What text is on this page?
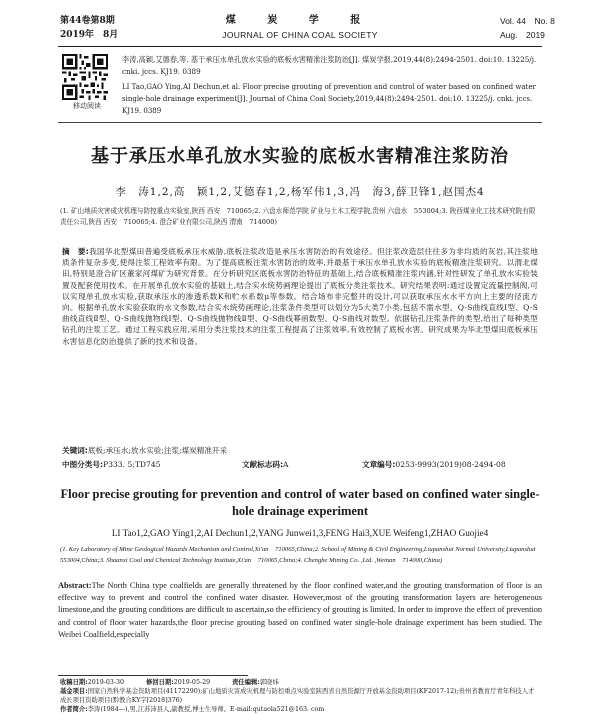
第44卷第8期
2019年　8月
煤 炭 学 报
JOURNAL OF CHINA COAL SOCIETY
Vol. 44　No. 8
Aug.　2019
移动阅读
李涛,高颖,艾德春,等. 基于承压水单孔放水实验的底板水害精准注浆防治[J]. 煤炭学报,2019,44(8):2494-2501. doi:10. 13225/j. cnki. jccs. KJ19. 0389
LI Tao,GAO Ying,AI Dechun,et al. Floor precise grouting of prevention and control of water based on confined water single-hole drainage experiment[J]. Journal of China Coal Society,2019,44(8):2494-2501. doi:10. 13225/j. cnki. jccs. KJ19. 0389
基于承压水单孔放水实验的底板水害精准注浆防治
李　涛1,2,高　颖1,2,艾德春1,2,杨军伟1,3,冯　海3,薛卫锋1,赵国杰4
(1. 矿山地质灾害成灾机理与防控重点实验室,陕西 西安　710065;2. 六盘水师范学院 矿业与土木工程学院,贵州 六盘水　553004;3. 陕西煤业化工技术研究院有限责任公司,陕西 西安　710065;4. 澄合矿业有限公司,陕西 渭南　714000)
摘　要:我国华北型煤田普遍受底板承压水威胁,底板注浆改造是承压水害防治的有效途径。但注浆改造层往往多为非均质的灰岩,其注浆地质条件复杂多变,使得注浆工程效率有限。为了提高底板注浆水害防治的效率,并最基于承压水单孔放水实验的底板精准注浆研究。以渭北煤田,特别是澄合矿区董家河煤矿为研究背景。在分析研究区底板水害防治特征的基础上,结合底板精准注浆内涵,针对性研发了单孔放水实验装置及配套使用技术。在开展单孔放水实验的基础上,结合实水统势画理论提出了底板分类注浆技术。研究结果表明:通过设置定流量控制阀,可以实现单孔放水实验,获取承压水的渗透系数K和贮水系数μ等参数。结合场布非完整井的设计,可以获取承压水水平方向上主要的径流方向。根据单孔放水实验获取的水文参数,结合实水统势画理论,注浆条件类型可以划分为5大类7小类,包括不需水型、Q-S曲线直线Ⅰ型、Q-S曲线直线Ⅱ型、Q-S曲线抛物线Ⅰ型、Q-S曲线抛物线Ⅱ型、Q-S曲线幂函数型、Q-S曲线对数型。依据钻孔注浆条件的类型,给出了每种类型钻孔的注浆工艺。通过工程实践应用,采用分类注浆技术的注浆工程提高了注浆效率,有效控制了底板水害。研究成果为华北型煤田底板承压水害信息化防治提供了新的技术和设备。
关键词:底板;承压水;放水实验;注浆;煤炭精准开采
中图分类号:P333. 5;TD745	文献标志码:A	文章编号:0253-9993(2019)08-2494-08
Floor precise grouting for prevention and control of water based on confined water single-hole drainage experiment
LI Tao1,2,GAO Ying1,2,AI Dechun1,2,YANG Junwei1,3,FENG Hai3,XUE Weifeng1,ZHAO Guojie4
(1. Key Laboratory of Mine Geological Hazards Mechanism and Control,Xi'an　710065,China;2. School of Mining & Civil Engineering,Liupanshui Normal University,Liupanshui　553004,China;3. Shaanxi Coal and Chemical Technology Institute,Xi'an　710065,China;4. Chenghe Mining Co. ,Ltd. ,Weinan　714000,China)
Abstract:The North China type coalfields are generally threatened by the floor confined water,and the grouting transformation of floor is an effective way to prevent and control the confined water disaster. However,most of the grouting transformation layers are heterogeneous limestone,and the grouting conditions are difficult to ascertain,so the efficiency of grouting is limited. In order to improve the effect of prevention and control of floor water hazards,the floor precise grouting based on confined water single-hole drainage experiment has been studied. The Weibei Coalfield,especially
收稿日期:2019-03-30	修回日期:2019-05-29	责任编辑:郭晓炜
基金项目:国家自然科学基金资助项目(41172290);矿山地质灾害成灾机理与防控重点实验室陕西省自然资源厅开放基金资助项目(KF2017-12);贵州省教育厅青年科技人才成长项目资助项目(黔教合KY字[2018]376)
作者简介:李涛(1984—),男,江苏沛县人,副教授,博士生导师。E-mail:qutaola521@163. com
